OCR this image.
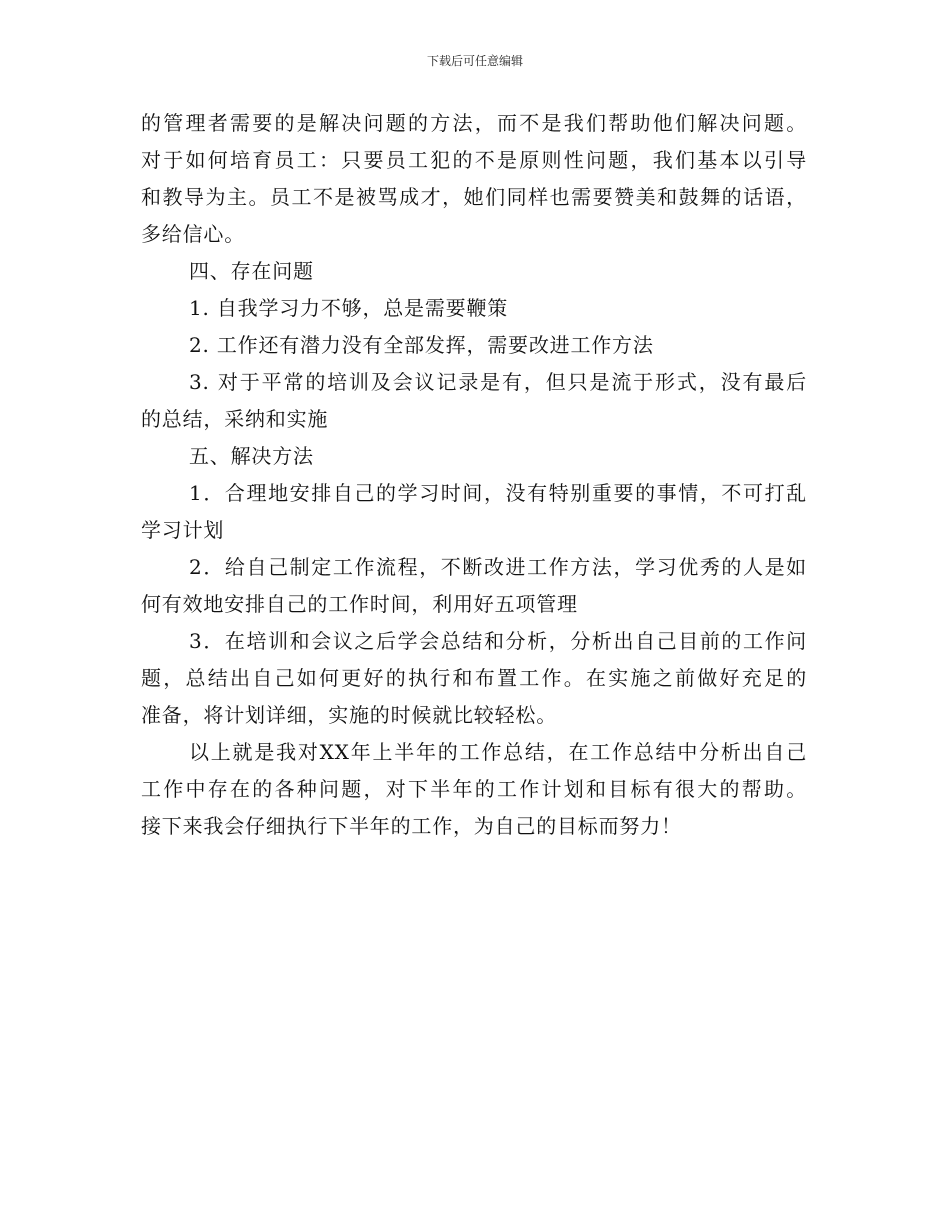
下载后可任意编辑
的管理者需要的是解决问题的方法，而不是我们帮助他们解决问题。
对于如何培育员工：只要员工犯的不是原则性问题，我们基本以引导
和教导为主。员工不是被骂成才，她们同样也需要赞美和鼓舞的话语，
多给信心。
四、存在问题
1. 自我学习力不够，总是需要鞭策
2. 工作还有潜力没有全部发挥，需要改进工作方法
3. 对于平常的培训及会议记录是有，但只是流于形式，没有最后
的总结，采纳和实施
五、解决方法
1．合理地安排自己的学习时间，没有特别重要的事情，不可打乱
学习计划
2．给自己制定工作流程，不断改进工作方法，学习优秀的人是如
何有效地安排自己的工作时间，利用好五项管理
3．在培训和会议之后学会总结和分析，分析出自己目前的工作问
题，总结出自己如何更好的执行和布置工作。在实施之前做好充足的
准备，将计划详细，实施的时候就比较轻松。
以上就是我对XX年上半年的工作总结，在工作总结中分析出自己
工作中存在的各种问题，对下半年的工作计划和目标有很大的帮助。
接下来我会仔细执行下半年的工作，为自己的目标而努力！
